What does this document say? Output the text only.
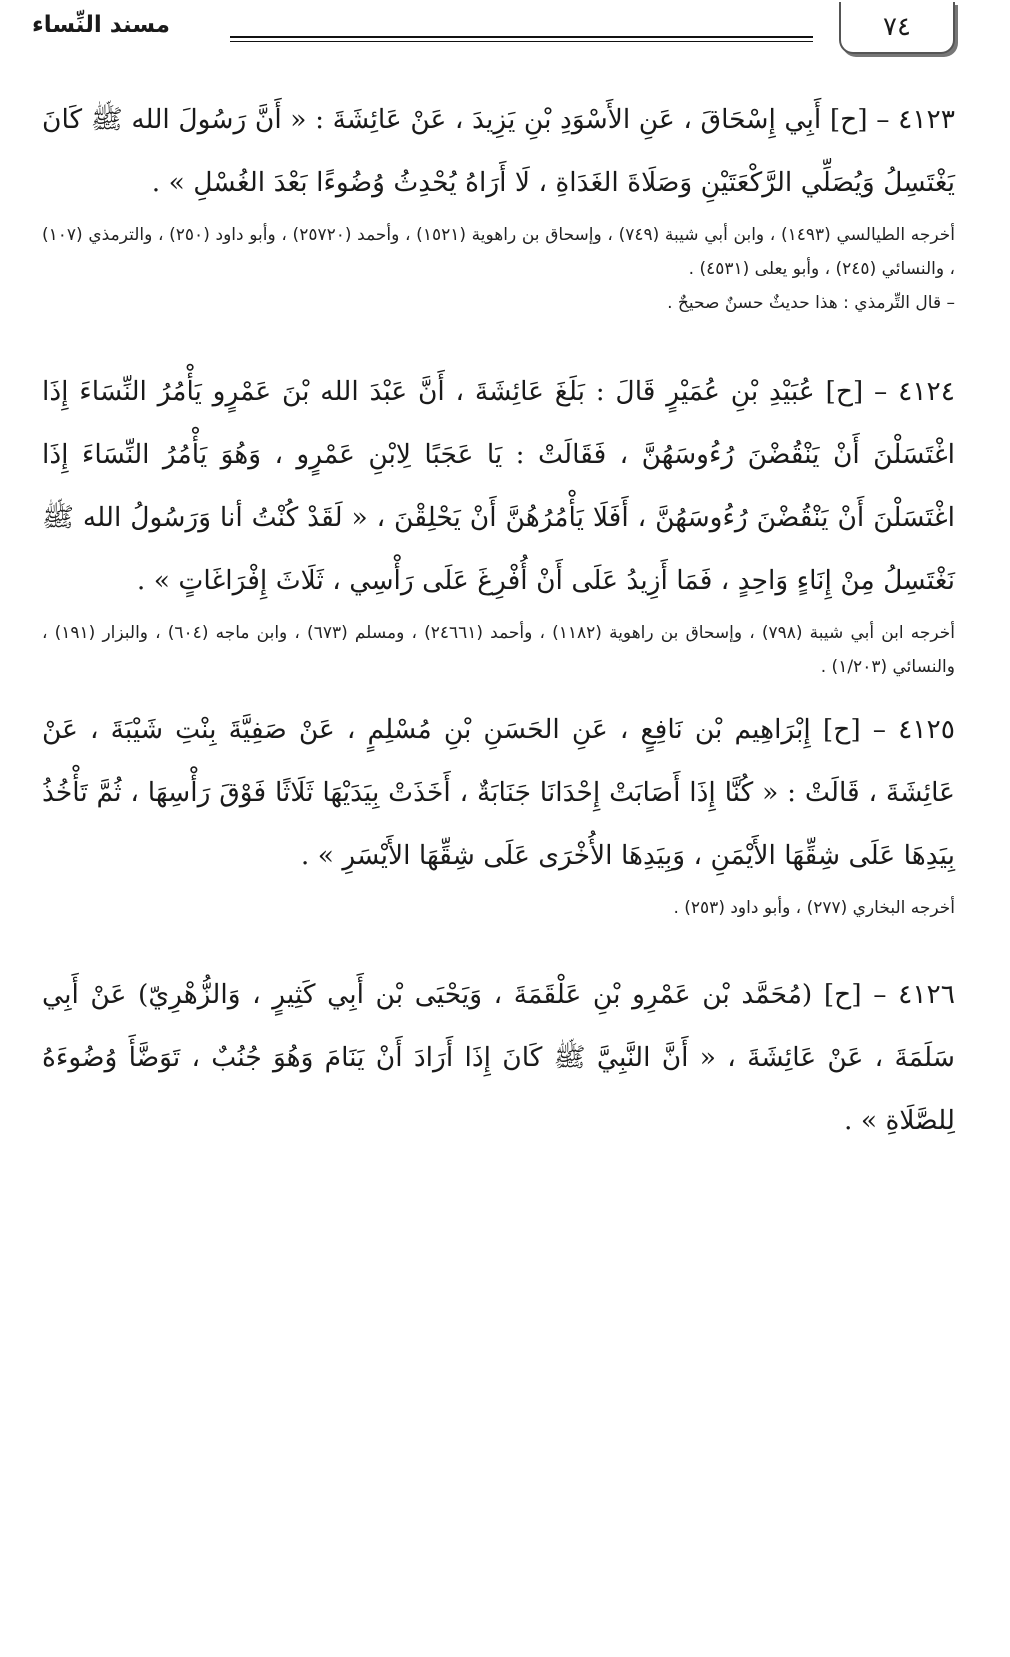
٧٤
مسند النِّساء

٤١٢٣ – [ح] أَبِي إِسْحَاقَ ، عَنِ الأَسْوَدِ بْنِ يَزِيدَ ، عَنْ عَائِشَةَ : « أَنَّ رَسُولَ الله ﷺ كَانَ يَغْتَسِلُ وَيُصَلِّي الرَّكْعَتَيْنِ وَصَلَاةَ الغَدَاةِ ، لَا أَرَاهُ يُحْدِثُ وُضُوءًا بَعْدَ الغُسْلِ » .

أخرجه الطيالسي (١٤٩٣) ، وابن أبي شيبة (٧٤٩) ، وإسحاق بن راهوية (١٥٢١) ، وأحمد (٢٥٧٢٠) ، وأبو داود (٢٥٠) ، والترمذي (١٠٧) ، والنسائي (٢٤٥) ، وأبو يعلى (٤٥٣١) .

– قال التِّرمذي : هذا حديثٌ حسنٌ صحيحٌ .

٤١٢٤ – [ح] عُبَيْدِ بْنِ عُمَيْرٍ قَالَ : بَلَغَ عَائِشَةَ ، أَنَّ عَبْدَ الله بْنَ عَمْرٍو يَأْمُرُ النِّسَاءَ إِذَا اغْتَسَلْنَ أَنْ يَنْقُضْنَ رُءُوسَهُنَّ ، فَقَالَتْ : يَا عَجَبًا لِابْنِ عَمْرٍو ، وَهُوَ يَأْمُرُ النِّسَاءَ إِذَا اغْتَسَلْنَ أَنْ يَنْقُضْنَ رُءُوسَهُنَّ ، أَفَلَا يَأْمُرُهُنَّ أَنْ يَحْلِقْنَ ، « لَقَدْ كُنْتُ أنا وَرَسُولُ الله ﷺ نَغْتَسِلُ مِنْ إِنَاءٍ وَاحِدٍ ، فَمَا أَزِيدُ عَلَى أَنْ أُفْرِغَ عَلَى رَأْسِي ، ثَلَاثَ إِفْرَاغَاتٍ » .

أخرجه ابن أبي شيبة (٧٩٨) ، وإسحاق بن راهوية (١١٨٢) ، وأحمد (٢٤٦٦١) ، ومسلم (٦٧٣) ، وابن ماجه (٦٠٤) ، والبزار (١٩١) ، والنسائي (١/٢٠٣) .

٤١٢٥ – [ح] إِبْرَاهِيم بْن نَافِعٍ ، عَنِ الحَسَنِ بْنِ مُسْلِمٍ ، عَنْ صَفِيَّةَ بِنْتِ شَيْبَةَ ، عَنْ عَائِشَةَ ، قَالَتْ : « كُنَّا إِذَا أَصَابَتْ إِحْدَانَا جَنَابَةٌ ، أَخَذَتْ بِيَدَيْهَا ثَلَاثًا فَوْقَ رَأْسِهَا ، ثُمَّ تَأْخُذُ بِيَدِهَا عَلَى شِقِّهَا الأَيْمَنِ ، وَبِيَدِهَا الأُخْرَى عَلَى شِقِّهَا الأَيْسَرِ » .

أخرجه البخاري (٢٧٧) ، وأبو داود (٢٥٣) .

٤١٢٦ – [ح] (مُحَمَّد بْن عَمْرِو بْنِ عَلْقَمَةَ ، وَيَحْيَى بْن أَبِي كَثِيرٍ ، وَالزُّهْرِيّ) عَنْ أَبِي سَلَمَةَ ، عَنْ عَائِشَةَ ، « أَنَّ النَّبِيَّ ﷺ كَانَ إِذَا أَرَادَ أَنْ يَنَامَ وَهُوَ جُنُبٌ ، تَوَضَّأَ وُضُوءَهُ لِلصَّلَاةِ » .
